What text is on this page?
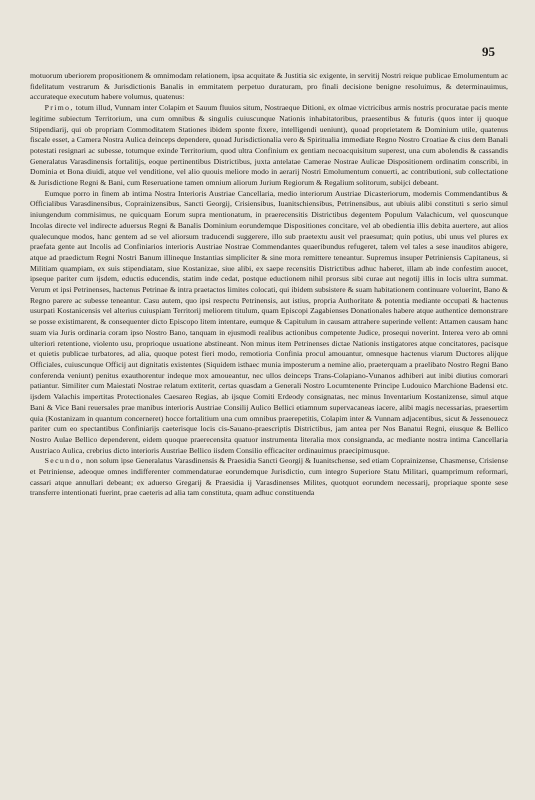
95

motuorum uberiorem propositionem & omnimodam relationem, ipsa acquitate & Justitia sic exigente, in servitij Nostri reique publicae Emolumentum ac fidelitatum vestrarum & Jurisdictionis Banalis in emmitatem perpetuo duraturam, pro finali decisione benigne resoluimus, & determinauimus, accurateque executum habere volumus, quatenus:

Primo, totum illud, Vunnam inter Colapim et Sauum fluuios situm, Nostraeque Ditioni, ex olmae victricibus armis nostris procuratae pacis mente legitime subiectum Territorium, una cum omnibus & singulis cuiuscunque Nationis inhabitatoribus, praesentibus & futuris (quos inter ij quoque Stipendiarij, qui ob propriam Commoditatem Stationes ibidem sponte fixere, intelligendi ueniunt), quoad proprietatem & Dominium utile, quatenus fiscale esset, a Camera Nostra Aulica deinceps dependere, quoad Jurisdictionalia vero & Spiritualia immediate Regno Nostro Croatiae & cius dem Banali potestati resignari ac subesse, totumque exinde Territorium, quod ultra Confinium ex gentiam necoacquisitum superest, una cum abolendis & cassandis Generalatus Varasdinensis fortalitijs, eoque pertinentibus Districtibus, juxta antelatae Camerae Nostrae Aulicae Dispositionem ordinatim conscribi, in Dominia et Bona diuidi, atque vel venditione, vel alio quouis meliore modo in aerarij Nostri Emolumentum conuerti, ac contributioni, sub collectatione & Jurisdictione Regni & Bani, cum Reseruatione tamen omnium aliorum Jurium Regiorum & Regalium solitorum, subijci debeant.

Eumque porro in finem ab intima Nostra Interioris Austriae Cancellaria, medio interiorum Austriae Dicasteriorum, modernis Commendantibus & Officialibus Varasdinensibus, Coprainizensibus, Sancti Georgij, Crisiensibus, Iuanitschiensibus, Petrinensibus, aut ubiuis alibi constituti s serio simul iniungendum commisimus, ne quicquam Eorum supra mentionatum, in praerecensitis Districtibus degentem Populum Valachicum, vel quoscunque Incolas directe vel indirecte aduersus Regni & Banalis Dominium eorundemque Dispositiones concitare, vel ab obedientia illis debita auertere, aut alios qualecunque modos, hanc gentem ad se vel aliorsum traducendi suggerere, illo sub praetextu ausit vel praesumat; quin potius, ubi unus vel plures ex praefata gente aut Incolis ad Confiniarios interioris Austriae Nostrae Commendantes quaeribundus refugeret, talem vel tales a sese inauditos abigere, atque ad praedictum Regni Nostri Banum illineque Instantias simpliciter & sine mora remittere teneantur. Supremus insuper Petriniensis Capitaneus, si Militiam quampiam, ex suis stipendiatam, siue Kostanizae, siue alibi, ex saepe recensitis Districtibus adhuc haberet, illam ab inde confestim auocet, ipseque pariter cum ijsdem, eductis educendis, statim inde cedat, postque eductionem nihil prorsus sibi curae aut negotij illis in locis ultra summat. Verum et ipsi Petrinenses, hactenus Petrinae & intra praetactos limites colocati, qui ibidem subsistere & suam habitationem continuare voluerint, Bano & Regno parere ac subesse teneantur. Casu autem, quo ipsi respectu Petrinensis, aut istius, propria Authoritate & potentia mediante occupati & hactenus usurpati Kostanicensis vel alterius cuiuspiam Territorij meliorem titulum, quam Episcopi Zagabienses Donationales habere atque authentice demonstrare se posse existimarent, & consequenter dicto Episcopo litem intentare, eumque & Capitulum in causam attrahere superinde vellent: Attamen causam hanc suam via Juris ordinaria coram ipso Nostro Bano, tanquam in ejusmodi realibus actionibus competente Judice, prosequi noverint. Interea vero ab omni ulteriori retentione, violento usu, proprioque usuatione abstineant. Non minus item Petrinenses dictae Nationis instigatores atque concitatores, pacisque et quietis publicae turbatores, ad alia, quoque potest fieri modo, remotioria Confinia procul amouantur, omnesque hactenus viarum Ductores alijque Officiales, cuiuscunque Officij aut dignitatis existentes (Siquidem isthaec munia imposterum a nemine alio, praeterquam a praelibato Nostro Regni Bano conferenda veniunt) penitus exauthorentur indeque mox amoueantur, nec ullos deinceps Trans-Colapiano-Vunanos adhiberi aut inibi diutius comorari patiantur. Similiter cum Maiestati Nostrae relatum extiterit, certas quasdam a Generali Nostro Locumtenente Principe Ludouico Marchione Badensi etc. ijsdem Valachis impertitas Protectionales Caesareo Regias, ab ijsque Comiti Erdeody consignatas, nec minus Inventarium Kostanizense, simul atque Bani & Vice Bani reuersales prae manibus interioris Austriae Consilij Aulico Bellici etiamnum supervacaneas iacere, alibi magis necessarias, praesertim quia (Kostanizam in quantum concerneret) hocce fortalitium una cum omnibus praerepetitis, Colapim inter & Vunnam adjacentibus, sicut & Jessenouecz pariter cum eo spectantibus Confiniarijs caeterisque locis cis-Sauano-praescriptis Districtibus, jam antea per Nos Banatui Regni, eiusque & Bellico Nostro Aulae Bellico dependerent, eidem quoque praerecensita quatuor instrumenta literalia mox consignanda, ac mediante nostra intima Cancellaria Austriaco Aulica, crebrius dicto interioris Austriae Bellico iisdem Consilio efficaciter ordinauimus praecipimusque.

Secundo, non solum ipse Generalatus Varasdinensis & Praesidia Sancti Georgij & Iuanitschense, sed etiam Coprainizense, Chasmense, Crisiense et Petriniense, adeoque omnes indifferenter commendaturae eorundemque Jurisdictio, cum integro Superiore Statu Militari, quamprimum reformari, cassari atque annullari debeant; ex aduerso Gregarij & Praesidia ij Varasdinenses Milites, quotquot eorundem necessarij, propriaque sponte sese transferre intentionati fuerint, prae caeteris ad alia tam constituta, quam adhuc constituenda
